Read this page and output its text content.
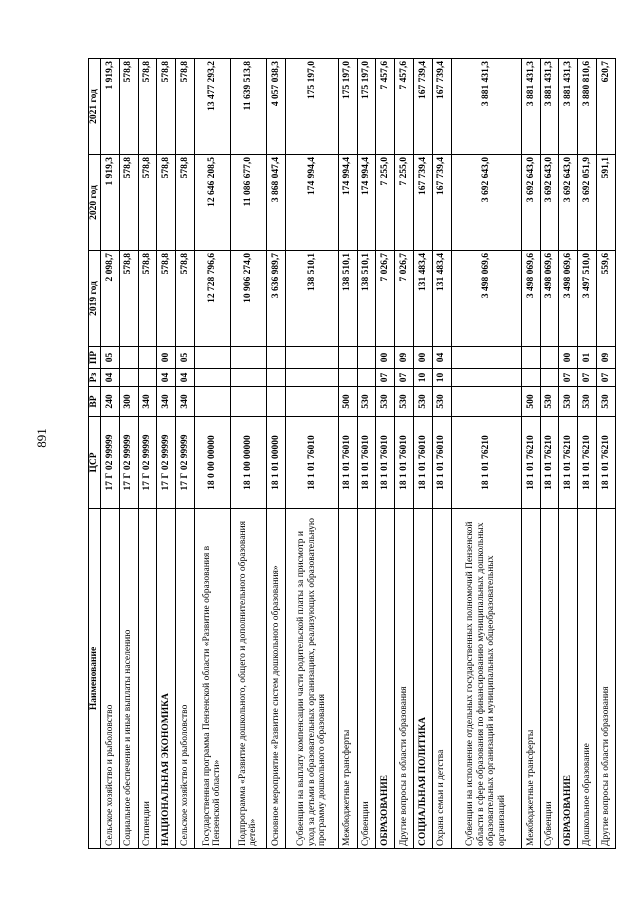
891
Наименование	ЦСР	ВР	Рз	ПР	2019 год	2020 год	2021 год
Сельское хозяйство и рыболовство	17 Г 02 99999	240	04	05	2 098,7	1 919,3	1 919,3
Социальное обеспечение и иные выплаты населению	17 Г 02 99999	300			578,8	578,8	578,8
Стипендии	17 Г 02 99999	340			578,8	578,8	578,8
НАЦИОНАЛЬНАЯ ЭКОНОМИКА	17 Г 02 99999	340	04	00	578,8	578,8	578,8
Сельское хозяйство и рыболовство	17 Г 02 99999	340	04	05	578,8	578,8	578,8
Государственная программа Пензенской области «Развитие образования в Пензенской области»	18 0 00 00000				12 728 796,6	12 646 208,5	13 477 293,2
Подпрограмма «Развитие дошкольного, общего и дополнительного образования детей»	18 1 00 00000				10 906 274,0	11 086 677,0	11 639 513,8
Основное мероприятие «Развитие систем дошкольного образования»	18 1 01 00000				3 636 989,7	3 868 047,4	4 057 038,3
Субвенции на выплату компенсации части родительской платы за присмотр и уход за детьми в образовательных организациях, реализующих образовательную программу дошкольного образования	18 1 01 76010				138 510,1	174 994,4	175 197,0
Межбюджетные трансферты	18 1 01 76010	500			138 510,1	174 994,4	175 197,0
Субвенции	18 1 01 76010	530			138 510,1	174 994,4	175 197,0
ОБРАЗОВАНИЕ	18 1 01 76010	530	07	00	7 026,7	7 255,0	7 457,6
Другие вопросы в области образования	18 1 01 76010	530	07	09	7 026,7	7 255,0	7 457,6
СОЦИАЛЬНАЯ ПОЛИТИКА	18 1 01 76010	530	10	00	131 483,4	167 739,4	167 739,4
Охрана семьи и детства	18 1 01 76010	530	10	04	131 483,4	167 739,4	167 739,4
Субвенции на исполнение отдельных государственных полномочий Пензенской области в сфере образования по финансированию муниципальных дошкольных образовательных организаций и муниципальных общеобразовательных организаций	18 1 01 76210				3 498 069,6	3 692 643,0	3 881 431,3
Межбюджетные трансферты	18 1 01 76210	500			3 498 069,6	3 692 643,0	3 881 431,3
Субвенции	18 1 01 76210	530			3 498 069,6	3 692 643,0	3 881 431,3
ОБРАЗОВАНИЕ	18 1 01 76210	530	07	00	3 498 069,6	3 692 643,0	3 881 431,3
Дошкольное образование	18 1 01 76210	530	07	01	3 497 510,0	3 692 051,9	3 880 810,6
Другие вопросы в области образования	18 1 01 76210	530	07	09	559,6	591,1	620,7
